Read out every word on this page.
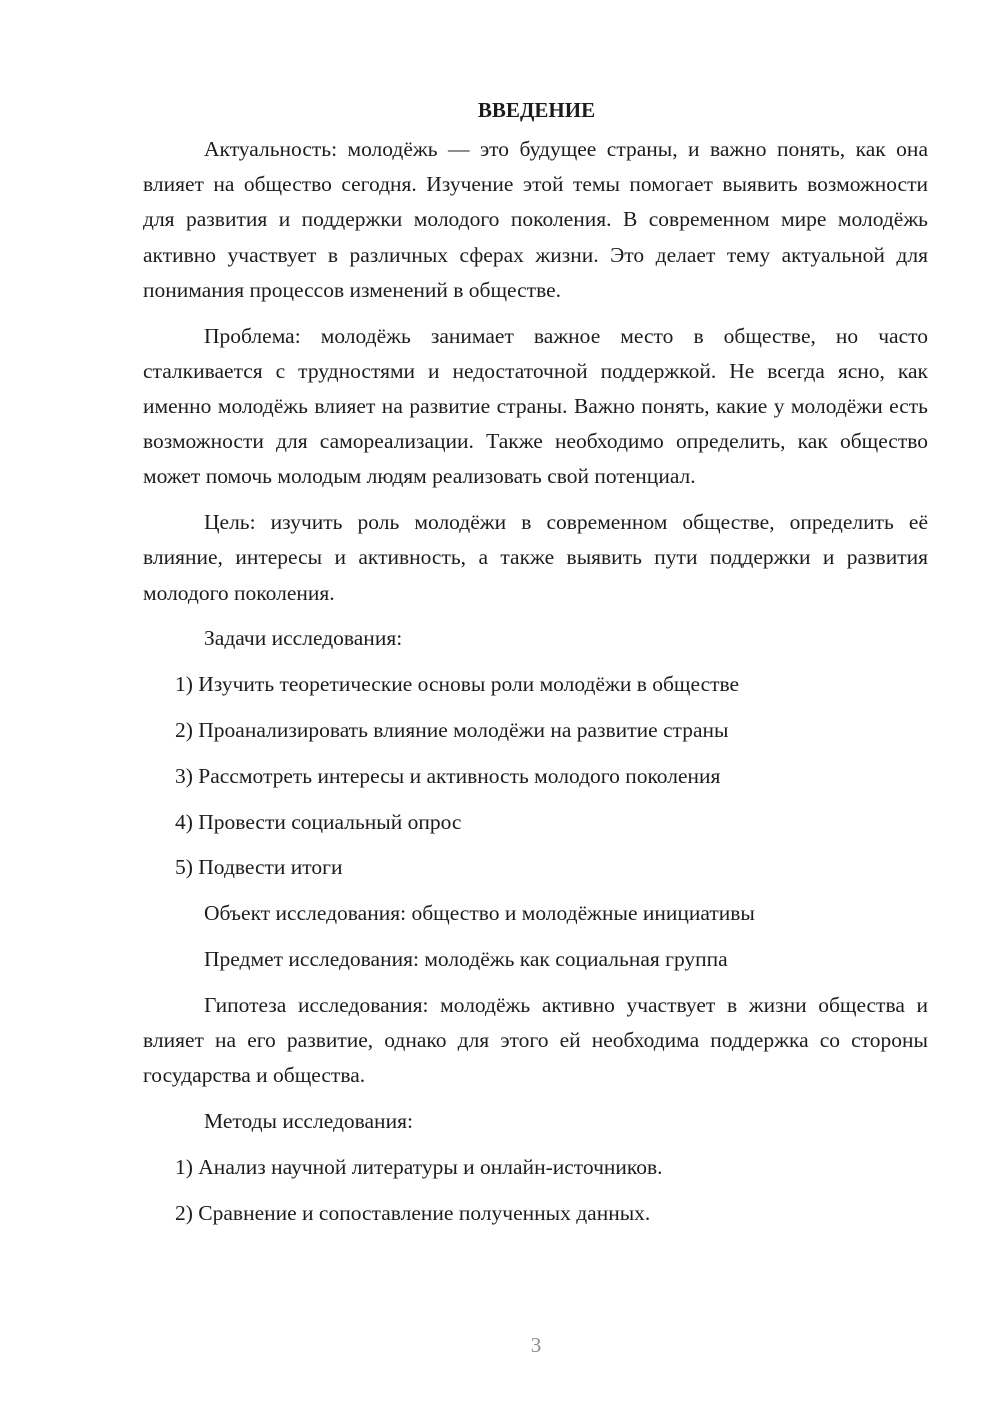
ВВЕДЕНИЕ

Актуальность: молодёжь — это будущее страны, и важно понять, как она влияет на общество сегодня. Изучение этой темы помогает выявить возможности для развития и поддержки молодого поколения. В современном мире молодёжь активно участвует в различных сферах жизни. Это делает тему актуальной для понимания процессов изменений в обществе.

Проблема: молодёжь занимает важное место в обществе, но часто сталкивается с трудностями и недостаточной поддержкой. Не всегда ясно, как именно молодёжь влияет на развитие страны. Важно понять, какие у молодёжи есть возможности для самореализации. Также необходимо определить, как общество может помочь молодым людям реализовать свой потенциал.

Цель: изучить роль молодёжи в современном обществе, определить её влияние, интересы и активность, а также выявить пути поддержки и развития молодого поколения.

Задачи исследования:

1) Изучить теоретические основы роли молодёжи в обществе

2) Проанализировать влияние молодёжи на развитие страны

3) Рассмотреть интересы и активность молодого поколения

4) Провести социальный опрос

5) Подвести итоги

Объект исследования: общество и молодёжные инициативы

Предмет исследования: молодёжь как социальная группа

Гипотеза исследования: молодёжь активно участвует в жизни общества и влияет на его развитие, однако для этого ей необходима поддержка со стороны государства и общества.

Методы исследования:

1) Анализ научной литературы и онлайн-источников.

2) Сравнение и сопоставление полученных данных.

3
